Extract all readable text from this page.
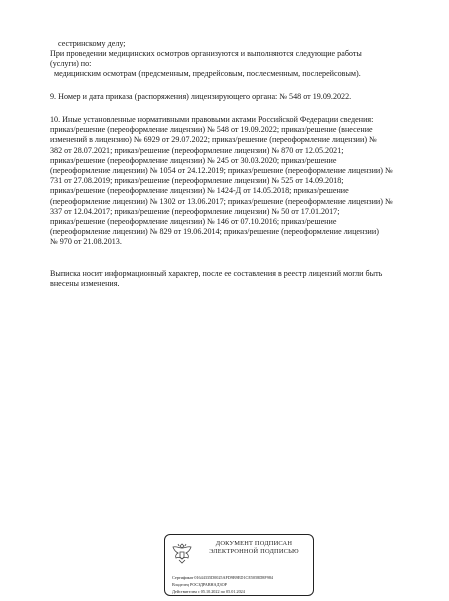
сестринскому делу;
При проведении медицинских осмотров организуются и выполняются следующие работы
(услуги) по:
медицинским осмотрам (предсменным, предрейсовым, послесменным, послерейсовым).
9. Номер и дата приказа (распоряжения) лицензирующего органа: № 548 от 19.09.2022.
10. Иные установленные нормативными правовыми актами Российской Федерации сведения:
приказ/решение (переоформление лицензии) № 548 от 19.09.2022; приказ/решение (внесение
изменений в лицензию) № 6929 от 29.07.2022; приказ/решение (переоформление лицензии) №
382 от 28.07.2021; приказ/решение (переоформление лицензии) № 870 от 12.05.2021;
приказ/решение (переоформление лицензии) № 245 от 30.03.2020; приказ/решение
(переоформление лицензии) № 1054 от 24.12.2019; приказ/решение (переоформление лицензии) №
731 от 27.08.2019; приказ/решение (переоформление лицензии) № 525 от 14.09.2018;
приказ/решение (переоформление лицензии) № 1424-Д от 14.05.2018; приказ/решение
(переоформление лицензии) № 1302 от 13.06.2017; приказ/решение (переоформление лицензии) №
337 от 12.04.2017; приказ/решение (переоформление лицензии) № 50 от 17.01.2017;
приказ/решение (переоформление лицензии) № 146 от 07.10.2016; приказ/решение
(переоформление лицензии) № 829 от 19.06.2014; приказ/решение (переоформление лицензии)
№ 970 от 21.08.2013.
Выписка носит информационный характер, после ее составления в реестр лицензий могли быть
внесены изменения.
ДОКУМЕНТ ПОДПИСАН
ЭЛЕКТРОННОЙ ПОДПИСЬЮ
Сертификат 01644335D0025AFD9B9ED1CE5058D8F984
Владелец РОСЗДРАВНАДЗОР
Действителен с 05.10.2022 по 05.01.2024
